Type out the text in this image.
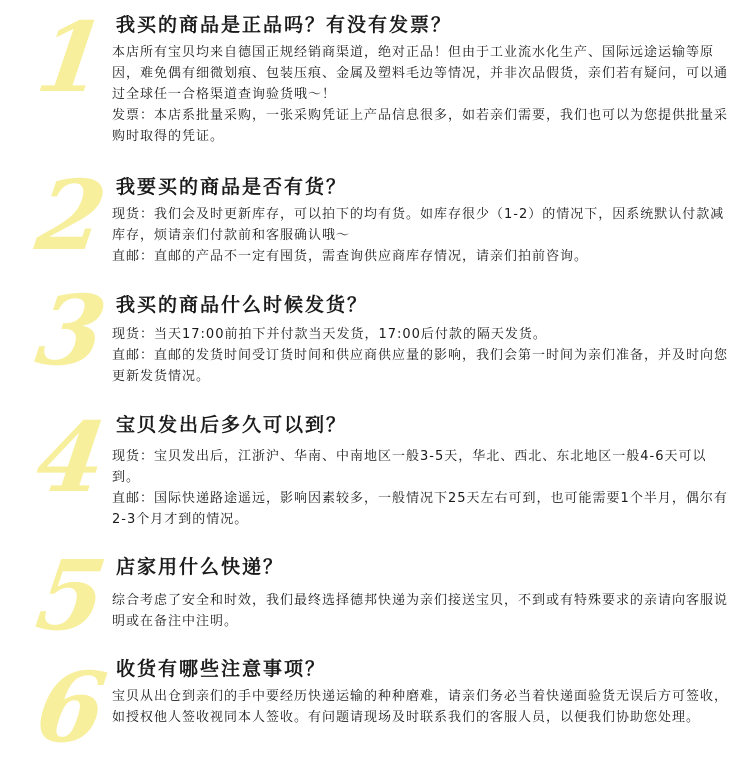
1 我买的商品是正品吗？有没有发票？

本店所有宝贝均来自德国正规经销商渠道，绝对正品！但由于工业流水化生产、国际远途运输等原因，难免偶有细微划痕、包装压痕、金属及塑料毛边等情况，并非次品假货，亲们若有疑问，可以通过全球任一合格渠道查询验货哦～！

发票：本店系批量采购，一张采购凭证上产品信息很多，如若亲们需要，我们也可以为您提供批量采购时取得的凭证。

2 我要买的商品是否有货？

现货：我们会及时更新库存，可以拍下的均有货。如库存很少（1-2）的情况下，因系统默认付款减库存，烦请亲们付款前和客服确认哦～

直邮：直邮的产品不一定有囤货，需查询供应商库存情况，请亲们拍前咨询。

3 我买的商品什么时候发货？

现货：当天17:00前拍下并付款当天发货，17:00后付款的隔天发货。

直邮：直邮的发货时间受订货时间和供应商供应量的影响，我们会第一时间为亲们准备，并及时向您更新发货情况。

4 宝贝发出后多久可以到？

现货：宝贝发出后，江浙沪、华南、中南地区一般3-5天，华北、西北、东北地区一般4-6天可以到。

直邮：国际快递路途遥远，影响因素较多，一般情况下25天左右可到，也可能需要1个半月，偶尔有2-3个月才到的情况。

5 店家用什么快递？

综合考虑了安全和时效，我们最终选择德邦快递为亲们接送宝贝，不到或有特殊要求的亲请向客服说明或在备注中注明。

6 收货有哪些注意事项？

宝贝从出仓到亲们的手中要经历快递运输的种种磨难，请亲们务必当着快递面验货无误后方可签收，如授权他人签收视同本人签收。有问题请现场及时联系我们的客服人员，以便我们协助您处理。
